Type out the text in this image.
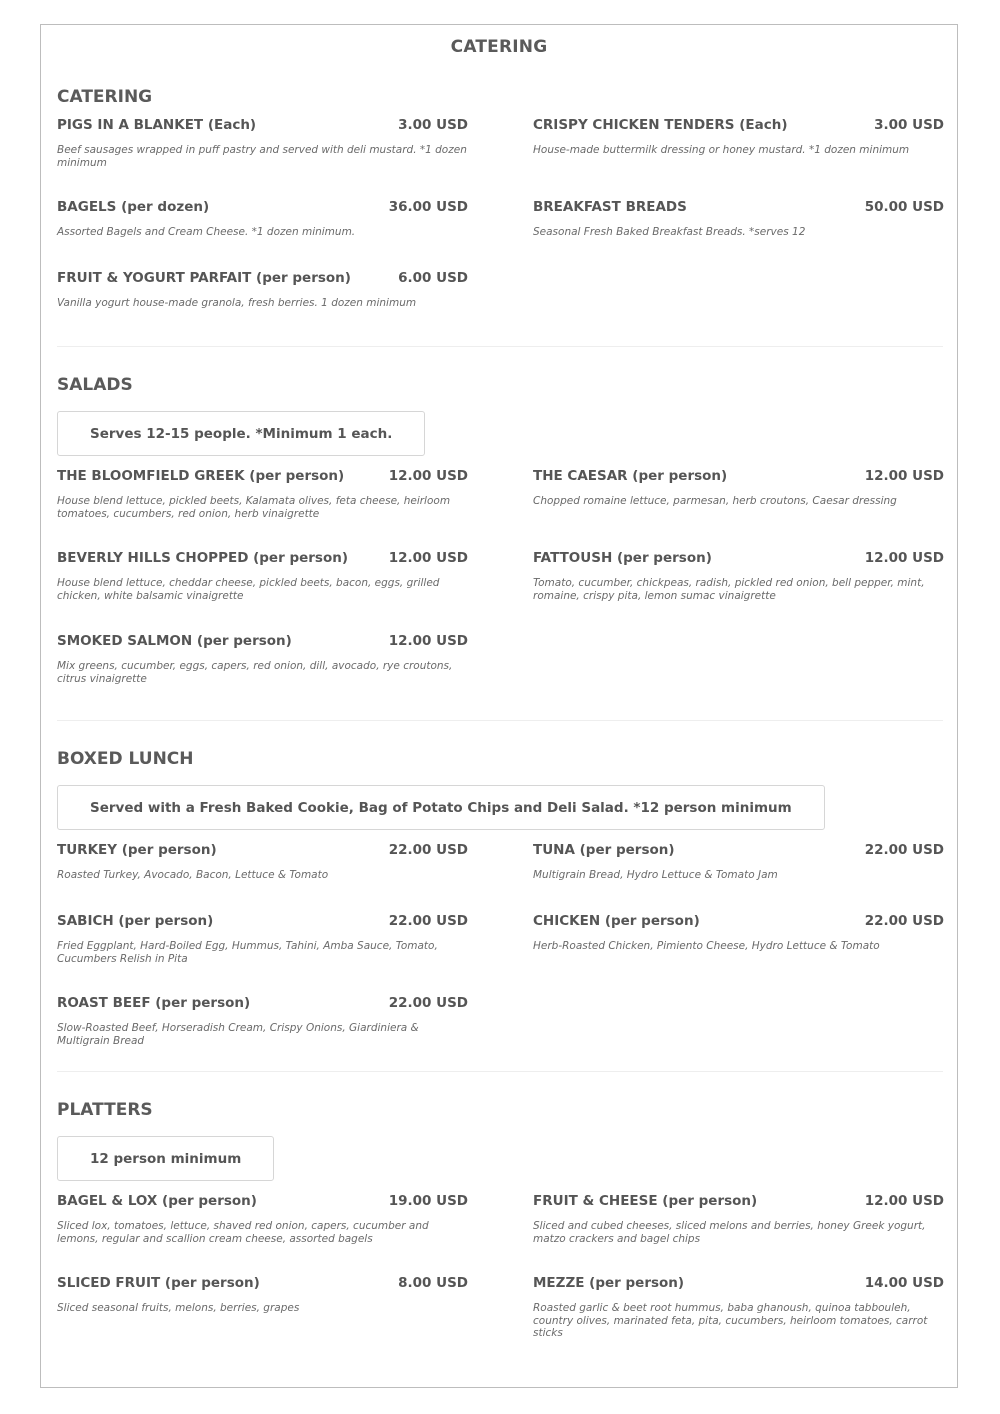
CATERING
CATERING
PIGS IN A BLANKET (Each)	3.00 USD
Beef sausages wrapped in puff pastry and served with deli mustard. *1 dozen minimum
CRISPY CHICKEN TENDERS (Each)	3.00 USD
House-made buttermilk dressing or honey mustard. *1 dozen minimum
BAGELS (per dozen)	36.00 USD
Assorted Bagels and Cream Cheese. *1 dozen minimum.
BREAKFAST BREADS	50.00 USD
Seasonal Fresh Baked Breakfast Breads. *serves 12
FRUIT & YOGURT PARFAIT (per person)	6.00 USD
Vanilla yogurt house-made granola, fresh berries. 1 dozen minimum
SALADS
Serves 12-15 people. *Minimum 1 each.
THE BLOOMFIELD GREEK (per person)	12.00 USD
House blend lettuce, pickled beets, Kalamata olives, feta cheese, heirloom tomatoes, cucumbers, red onion, herb vinaigrette
THE CAESAR (per person)	12.00 USD
Chopped romaine lettuce, parmesan, herb croutons, Caesar dressing
BEVERLY HILLS CHOPPED (per person)	12.00 USD
House blend lettuce, cheddar cheese, pickled beets, bacon, eggs, grilled chicken, white balsamic vinaigrette
FATTOUSH (per person)	12.00 USD
Tomato, cucumber, chickpeas, radish, pickled red onion, bell pepper, mint, romaine, crispy pita, lemon sumac vinaigrette
SMOKED SALMON (per person)	12.00 USD
Mix greens, cucumber, eggs, capers, red onion, dill, avocado, rye croutons, citrus vinaigrette
BOXED LUNCH
Served with a Fresh Baked Cookie, Bag of Potato Chips and Deli Salad. *12 person minimum
TURKEY (per person)	22.00 USD
Roasted Turkey, Avocado, Bacon, Lettuce & Tomato
TUNA (per person)	22.00 USD
Multigrain Bread, Hydro Lettuce & Tomato Jam
SABICH (per person)	22.00 USD
Fried Eggplant, Hard-Boiled Egg, Hummus, Tahini, Amba Sauce, Tomato, Cucumbers Relish in Pita
CHICKEN (per person)	22.00 USD
Herb-Roasted Chicken, Pimiento Cheese, Hydro Lettuce & Tomato
ROAST BEEF (per person)	22.00 USD
Slow-Roasted Beef, Horseradish Cream, Crispy Onions, Giardiniera & Multigrain Bread
PLATTERS
12 person minimum
BAGEL & LOX (per person)	19.00 USD
Sliced lox, tomatoes, lettuce, shaved red onion, capers, cucumber and lemons, regular and scallion cream cheese, assorted bagels
FRUIT & CHEESE (per person)	12.00 USD
Sliced and cubed cheeses, sliced melons and berries, honey Greek yogurt, matzo crackers and bagel chips
SLICED FRUIT (per person)	8.00 USD
Sliced seasonal fruits, melons, berries, grapes
MEZZE (per person)	14.00 USD
Roasted garlic & beet root hummus, baba ghanoush, quinoa tabbouleh, country olives, marinated feta, pita, cucumbers, heirloom tomatoes, carrot sticks
